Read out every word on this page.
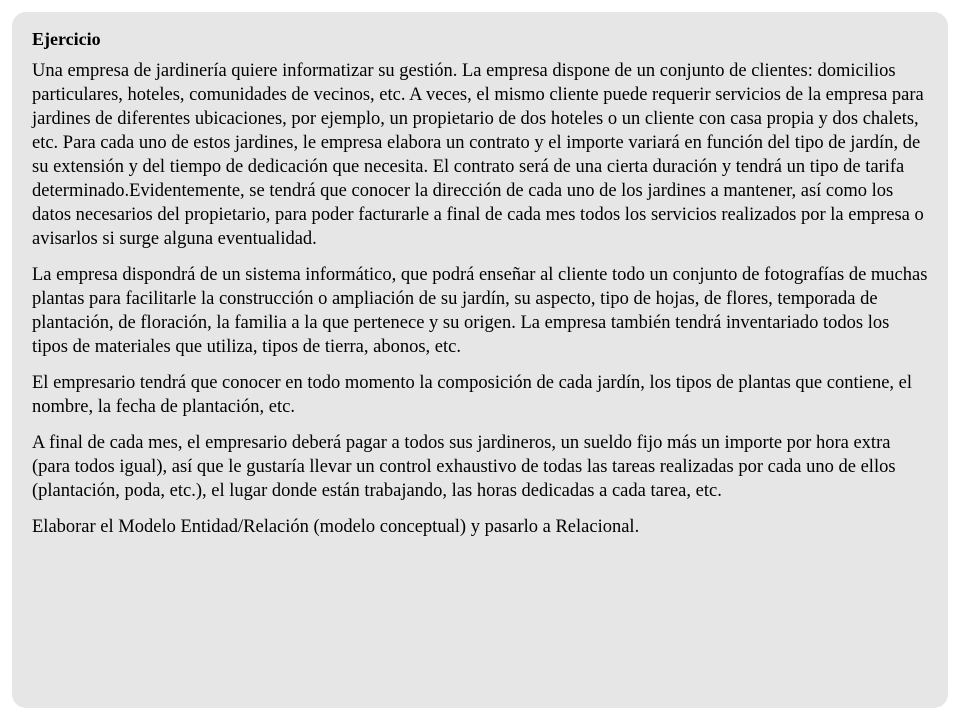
Ejercicio

Una empresa de jardinería quiere informatizar su gestión. La empresa dispone de un conjunto de clientes: domicilios particulares, hoteles, comunidades de vecinos, etc. A veces, el mismo cliente puede requerir servicios de la empresa para jardines de diferentes ubicaciones, por ejemplo, un propietario de dos hoteles o un cliente con casa propia y dos chalets, etc. Para cada uno de estos jardines, le empresa elabora un contrato y el importe variará en función del tipo de jardín, de su extensión y del tiempo de dedicación que necesita. El contrato será de una cierta duración y tendrá un tipo de tarifa determinado.Evidentemente, se tendrá que conocer la dirección de cada uno de los jardines a mantener, así como los datos necesarios del propietario, para poder facturarle a final de cada mes todos los servicios realizados por la empresa o avisarlos si surge alguna eventualidad.

La empresa dispondrá de un sistema informático, que podrá enseñar al cliente todo un conjunto de fotografías de muchas plantas para facilitarle la construcción o ampliación de su jardín, su aspecto, tipo de hojas, de flores, temporada de plantación, de floración, la familia a la que pertenece y su origen. La empresa también tendrá inventariado todos los tipos de materiales que utiliza, tipos de tierra, abonos, etc.

El empresario tendrá que conocer en todo momento la composición de cada jardín, los tipos de plantas que contiene, el nombre, la fecha de plantación, etc.

A final de cada mes, el empresario deberá pagar a todos sus jardineros, un sueldo fijo más un importe por hora extra (para todos igual), así que le gustaría llevar un control exhaustivo de todas las tareas realizadas por cada uno de ellos (plantación, poda, etc.), el lugar donde están trabajando, las horas dedicadas a cada tarea, etc.

Elaborar el Modelo Entidad/Relación (modelo conceptual) y pasarlo a Relacional.
